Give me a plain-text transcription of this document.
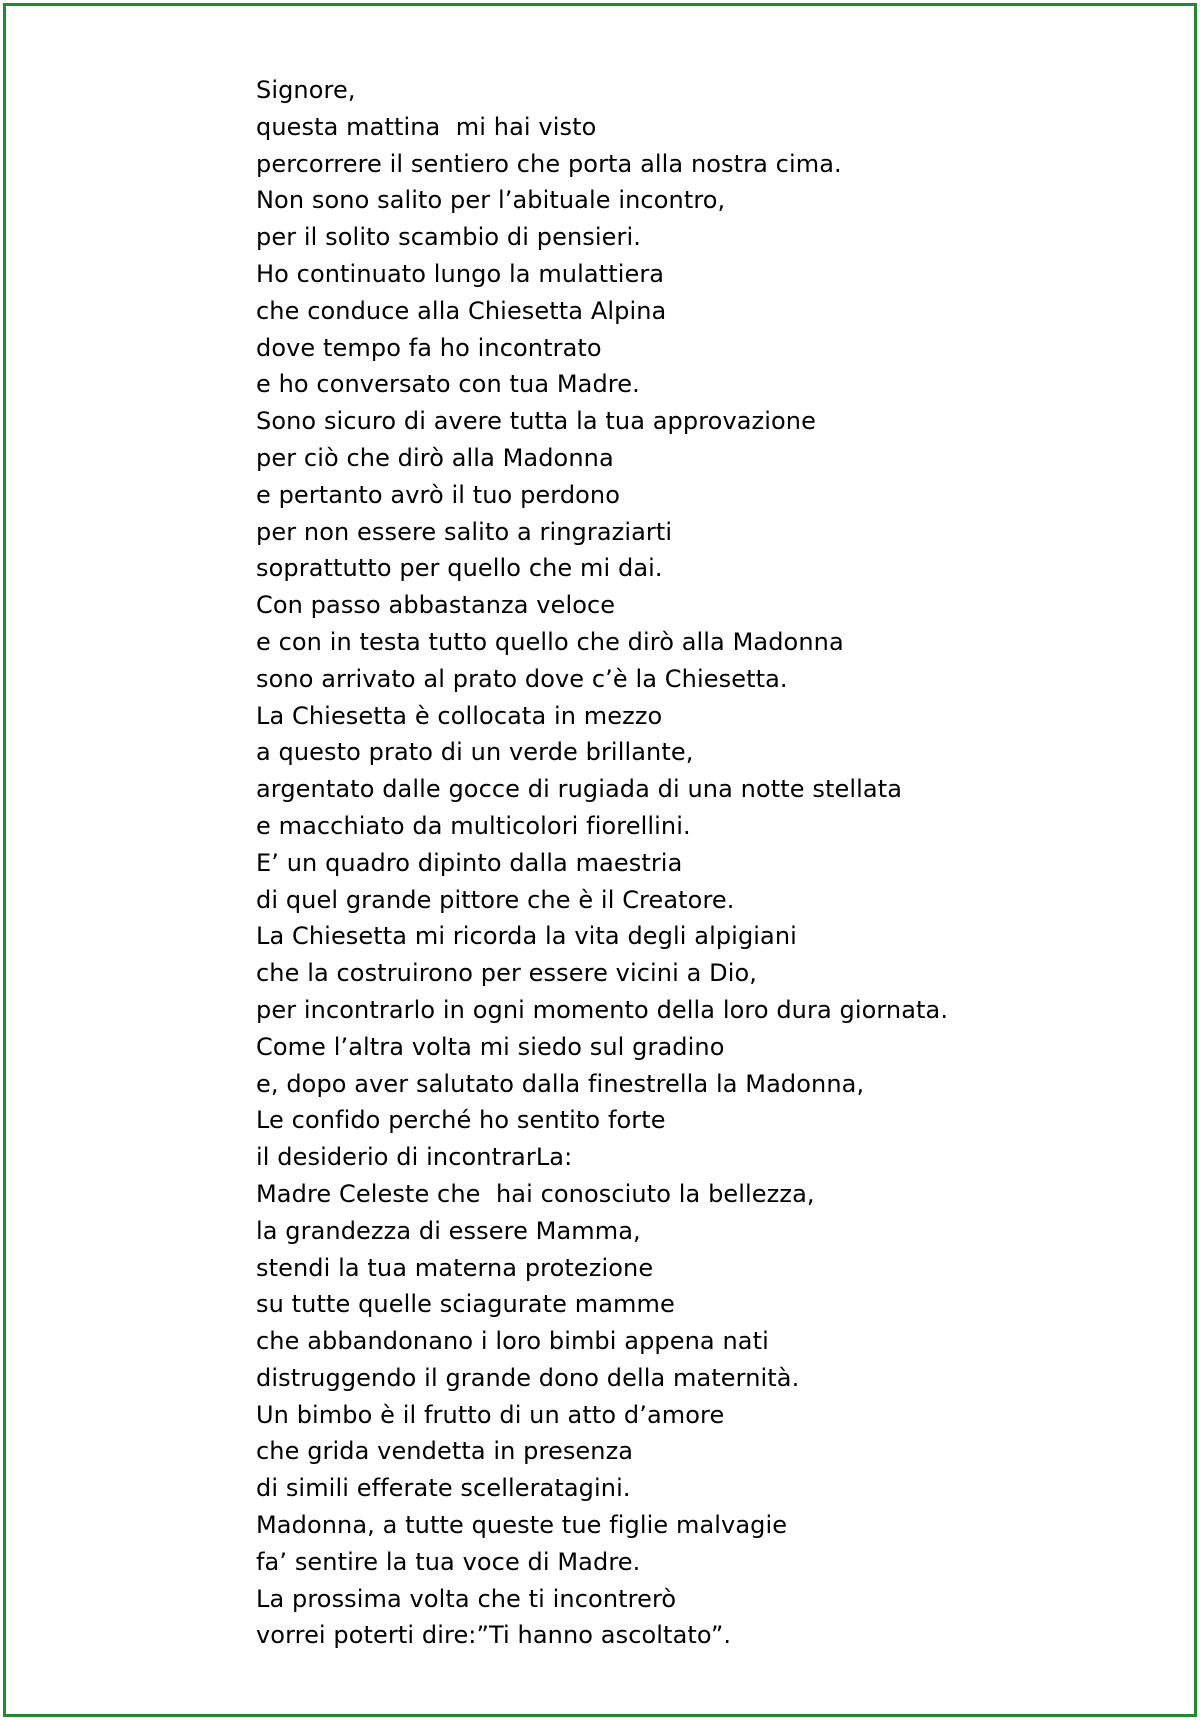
Signore,
questa mattina  mi hai visto
percorrere il sentiero che porta alla nostra cima.
Non sono salito per l’abituale incontro,
per il solito scambio di pensieri.
Ho continuato lungo la mulattiera
che conduce alla Chiesetta Alpina
dove tempo fa ho incontrato
e ho conversato con tua Madre.
Sono sicuro di avere tutta la tua approvazione
per ciò che dirò alla Madonna
e pertanto avrò il tuo perdono
per non essere salito a ringraziarti
soprattutto per quello che mi dai.
Con passo abbastanza veloce
e con in testa tutto quello che dirò alla Madonna
sono arrivato al prato dove c’è la Chiesetta.
La Chiesetta è collocata in mezzo
a questo prato di un verde brillante,
argentato dalle gocce di rugiada di una notte stellata
e macchiato da multicolori fiorellini.
E’ un quadro dipinto dalla maestria
di quel grande pittore che è il Creatore.
La Chiesetta mi ricorda la vita degli alpigiani
che la costruirono per essere vicini a Dio,
per incontrarlo in ogni momento della loro dura giornata.
Come l’altra volta mi siedo sul gradino
e, dopo aver salutato dalla finestrella la Madonna,
Le confido perché ho sentito forte
il desiderio di incontrarLa:
Madre Celeste che  hai conosciuto la bellezza,
la grandezza di essere Mamma,
stendi la tua materna protezione
su tutte quelle sciagurate mamme
che abbandonano i loro bimbi appena nati
distruggendo il grande dono della maternità.
Un bimbo è il frutto di un atto d’amore
che grida vendetta in presenza
di simili efferate scelleratagini.
Madonna, a tutte queste tue figlie malvagie
fa’ sentire la tua voce di Madre.
La prossima volta che ti incontrerò
vorrei poterti dire:”Ti hanno ascoltato”.
